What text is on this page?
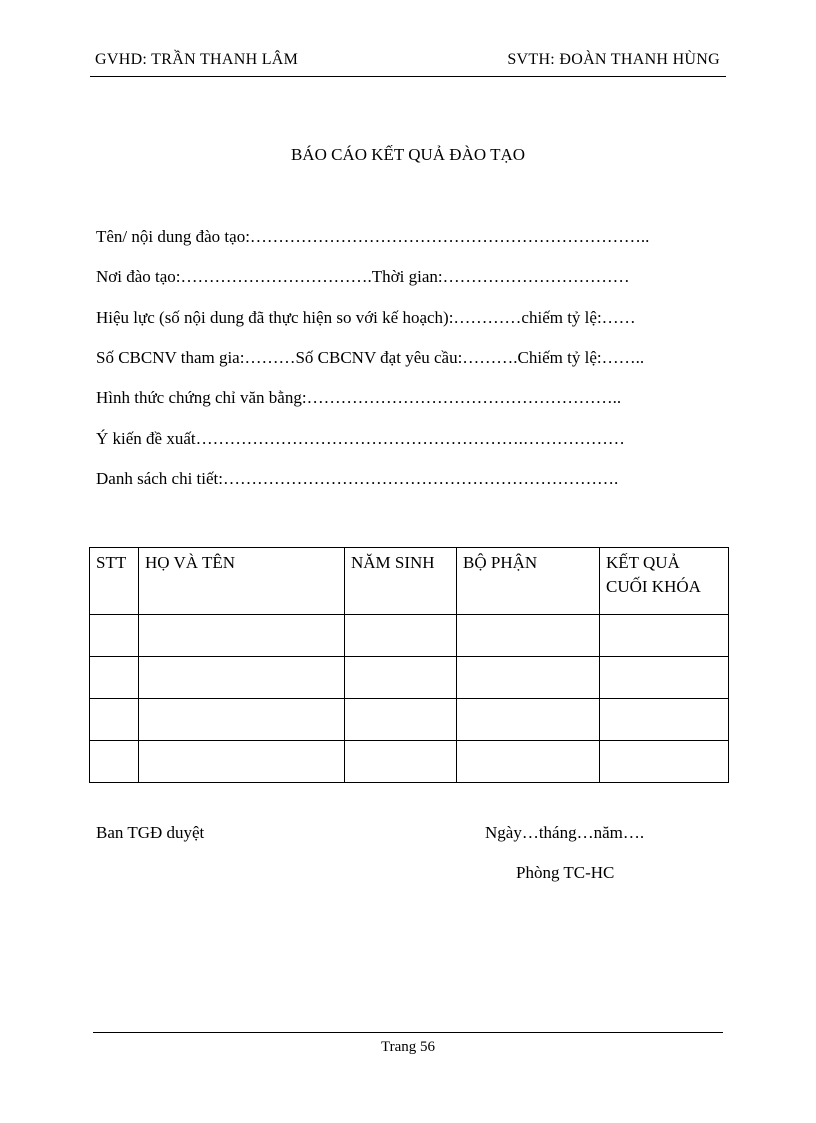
GVHD: TRẦN THANH LÂM	SVTH: ĐOÀN THANH HÙNG
BÁO CÁO KẾT QUẢ ĐÀO TẠO
Tên/ nội dung đào tạo:……………………………………………………………..
Nơi đào tạo:…………………………….Thời gian:……………………………
Hiệu lực (số nội dung đã thực hiện so với kế hoạch):…………chiếm tỷ lệ:……
Số CBCNV tham gia:………Số CBCNV đạt yêu cầu:……….Chiếm tỷ lệ:……..
Hình thức chứng chỉ văn bằng:………………………………………………..
Ý kiến đề xuất………………………………………………….………………
Danh sách chi tiết:…………………………………………………………….
STT	HỌ VÀ TÊN	NĂM SINH	BỘ PHẬN	KẾT QUẢ CUỐI KHÓA

Ban TGĐ duyệt	Ngày…tháng…năm….
Phòng TC-HC
Trang 56
